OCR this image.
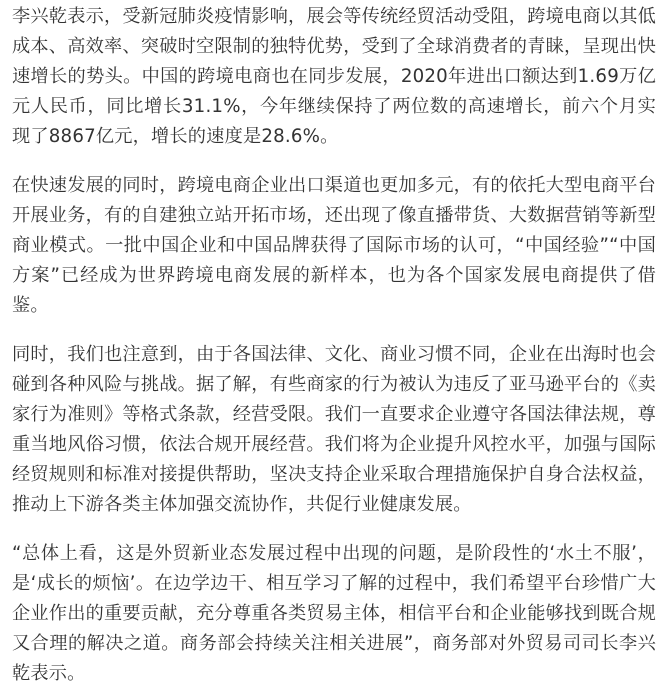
李兴乾表示，受新冠肺炎疫情影响，展会等传统经贸活动受阻，跨境电商以其低成本、高效率、突破时空限制的独特优势，受到了全球消费者的青睐，呈现出快速增长的势头。中国的跨境电商也在同步发展，2020年进出口额达到1.69万亿元人民币，同比增长31.1%，今年继续保持了两位数的高速增长，前六个月实现了8867亿元，增长的速度是28.6%。

在快速发展的同时，跨境电商企业出口渠道也更加多元，有的依托大型电商平台开展业务，有的自建独立站开拓市场，还出现了像直播带货、大数据营销等新型商业模式。一批中国企业和中国品牌获得了国际市场的认可，“中国经验”“中国方案”已经成为世界跨境电商发展的新样本，也为各个国家发展电商提供了借鉴。

同时，我们也注意到，由于各国法律、文化、商业习惯不同，企业在出海时也会碰到各种风险与挑战。据了解，有些商家的行为被认为违反了亚马逊平台的《卖家行为准则》等格式条款，经营受限。我们一直要求企业遵守各国法律法规，尊重当地风俗习惯，依法合规开展经营。我们将为企业提升风控水平，加强与国际经贸规则和标准对接提供帮助，坚决支持企业采取合理措施保护自身合法权益，推动上下游各类主体加强交流协作，共促行业健康发展。

“总体上看，这是外贸新业态发展过程中出现的问题，是阶段性的‘水土不服’，是‘成长的烦恼’。在边学边干、相互学习了解的过程中，我们希望平台珍惜广大企业作出的重要贡献，充分尊重各类贸易主体，相信平台和企业能够找到既合规又合理的解决之道。商务部会持续关注相关进展”，商务部对外贸易司司长李兴乾表示。
